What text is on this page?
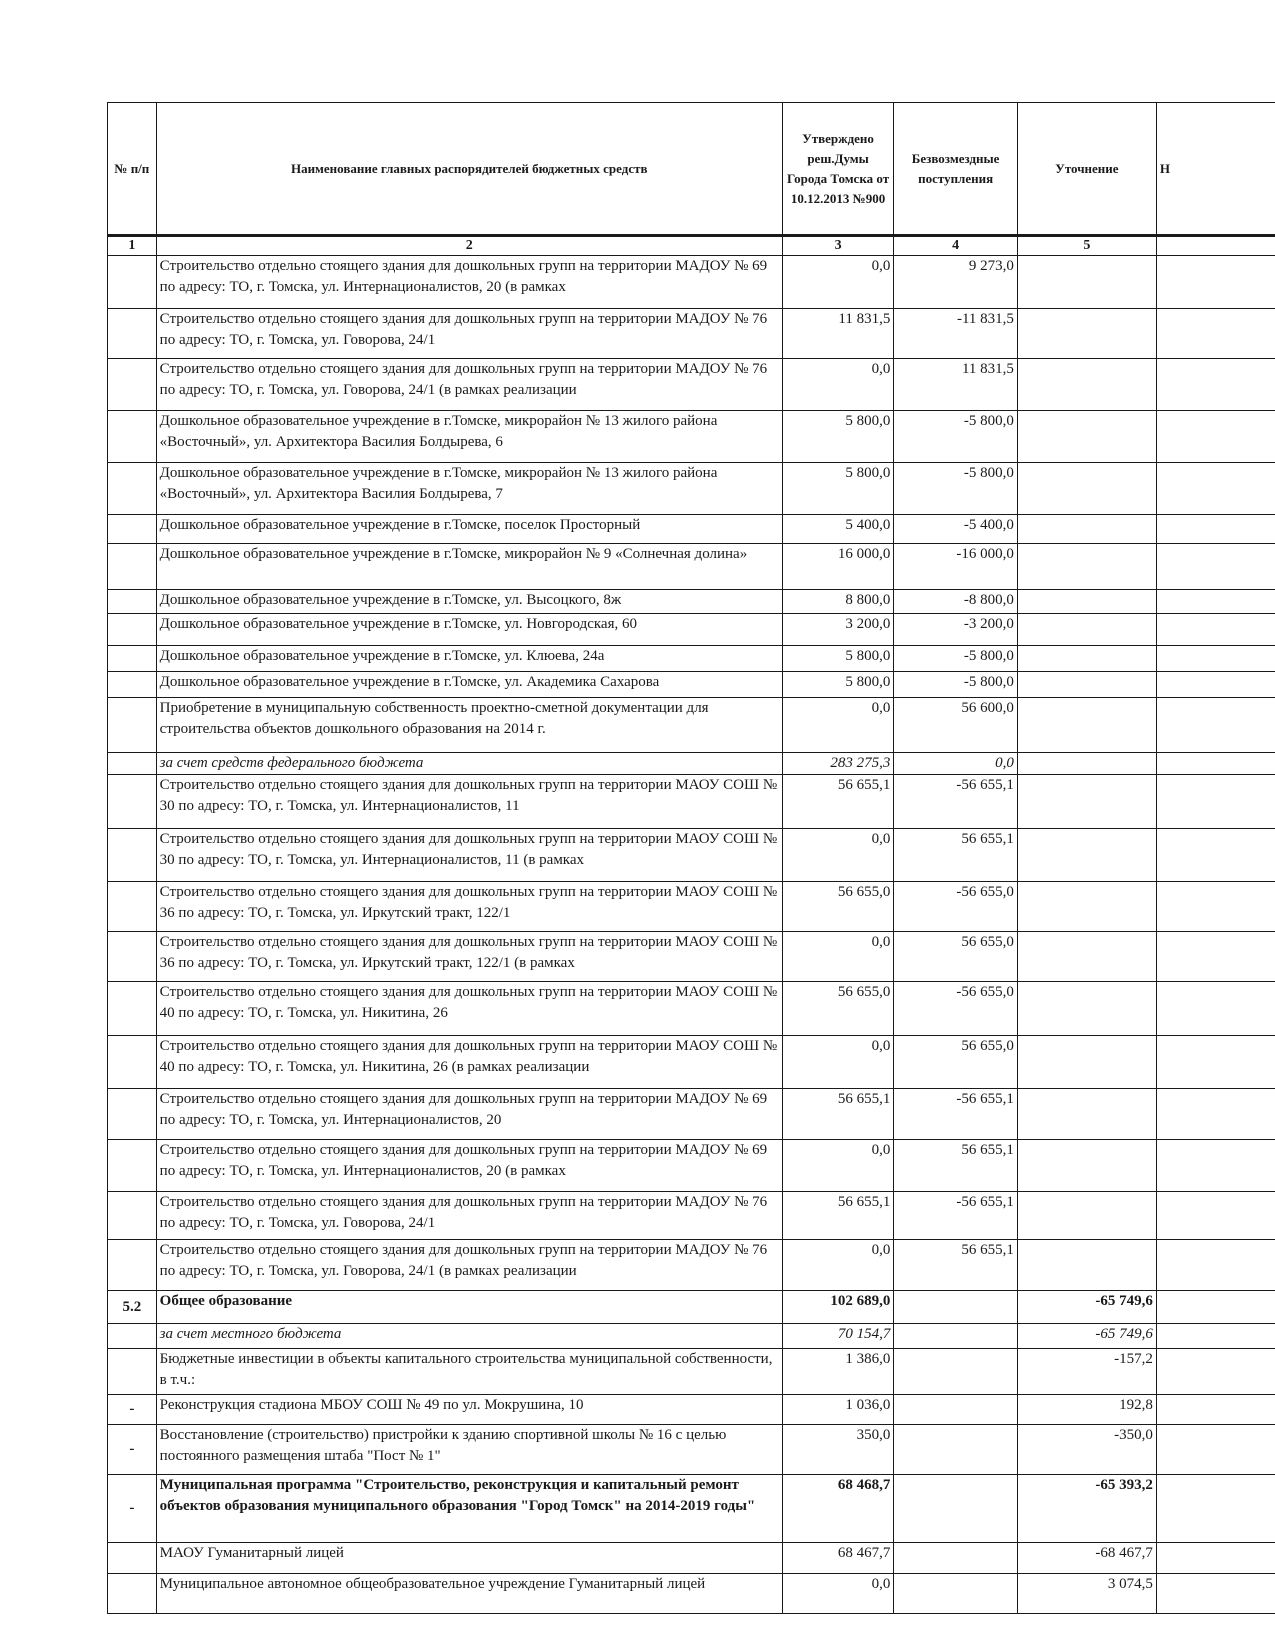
№ п/п	Наименование главных распорядителей бюджетных средств	Утверждено реш.Думы Города Томска от 10.12.2013 №900	Безвозмездные поступления	Уточнение	Н
1	2	3	4	5	
	Строительство отдельно стоящего здания для дошкольных групп на территории МАДОУ № 69 по адресу: ТО, г. Томска, ул. Интернационалистов, 20 (в рамках	0,0	9 273,0		
	Строительство отдельно стоящего здания для дошкольных групп на территории МАДОУ № 76 по адресу: ТО, г. Томска, ул. Говорова, 24/1	11 831,5	-11 831,5		
	Строительство отдельно стоящего здания для дошкольных групп на территории МАДОУ № 76 по адресу: ТО, г. Томска, ул. Говорова, 24/1 (в рамках реализации	0,0	11 831,5		
	Дошкольное образовательное учреждение в г.Томске, микрорайон № 13 жилого района «Восточный», ул. Архитектора Василия Болдырева, 6	5 800,0	-5 800,0		
	Дошкольное образовательное учреждение в г.Томске, микрорайон № 13 жилого района «Восточный», ул. Архитектора Василия Болдырева, 7	5 800,0	-5 800,0		
	Дошкольное образовательное учреждение в г.Томске, поселок Просторный	5 400,0	-5 400,0		
	Дошкольное образовательное учреждение в г.Томске, микрорайон № 9 «Солнечная долина»	16 000,0	-16 000,0		
	Дошкольное образовательное учреждение в г.Томске, ул. Высоцкого, 8ж	8 800,0	-8 800,0		
	Дошкольное образовательное учреждение в г.Томске, ул. Новгородская, 60	3 200,0	-3 200,0		
	Дошкольное образовательное учреждение в г.Томске, ул. Клюева, 24а	5 800,0	-5 800,0		
	Дошкольное образовательное учреждение в г.Томске, ул. Академика Сахарова	5 800,0	-5 800,0		
	Приобретение в муниципальную собственность проектно-сметной документации для строительства объектов дошкольного образования на 2014 г.	0,0	56 600,0		
	за счет средств федерального бюджета	283 275,3	0,0		
	Строительство отдельно стоящего здания для дошкольных групп на территории МАОУ СОШ № 30 по адресу: ТО, г. Томска, ул. Интернационалистов, 11	56 655,1	-56 655,1		
	Строительство отдельно стоящего здания для дошкольных групп на территории МАОУ СОШ № 30 по адресу: ТО, г. Томска, ул. Интернационалистов, 11 (в рамках	0,0	56 655,1		
	Строительство отдельно стоящего здания для дошкольных групп на территории МАОУ СОШ № 36 по адресу: ТО, г. Томска, ул. Иркутский тракт, 122/1	56 655,0	-56 655,0		
	Строительство отдельно стоящего здания для дошкольных групп на территории МАОУ СОШ № 36 по адресу: ТО, г. Томска, ул. Иркутский тракт, 122/1 (в рамках	0,0	56 655,0		
	Строительство отдельно стоящего здания для дошкольных групп на территории МАОУ СОШ № 40 по адресу: ТО, г. Томска, ул. Никитина, 26	56 655,0	-56 655,0		
	Строительство отдельно стоящего здания для дошкольных групп на территории МАОУ СОШ № 40 по адресу: ТО, г. Томска, ул. Никитина, 26 (в рамках реализации	0,0	56 655,0		
	Строительство отдельно стоящего здания для дошкольных групп на территории МАДОУ № 69 по адресу: ТО, г. Томска, ул. Интернационалистов, 20	56 655,1	-56 655,1		
	Строительство отдельно стоящего здания для дошкольных групп на территории МАДОУ № 69 по адресу: ТО, г. Томска, ул. Интернационалистов, 20 (в рамках	0,0	56 655,1		
	Строительство отдельно стоящего здания для дошкольных групп на территории МАДОУ № 76 по адресу: ТО, г. Томска, ул. Говорова, 24/1	56 655,1	-56 655,1		
	Строительство отдельно стоящего здания для дошкольных групп на территории МАДОУ № 76 по адресу: ТО, г. Томска, ул. Говорова, 24/1 (в рамках реализации	0,0	56 655,1		
5.2	Общее образование	102 689,0		-65 749,6	
	за счет местного бюджета	70 154,7		-65 749,6	
	Бюджетные инвестиции в объекты капитального строительства муниципальной собственности, в т.ч.:	1 386,0		-157,2	
-	Реконструкция стадиона МБОУ СОШ № 49 по ул. Мокрушина, 10	1 036,0		192,8	
-	Восстановление (строительство) пристройки к зданию спортивной школы № 16 с целью постоянного размещения штаба "Пост № 1"	350,0		-350,0	
-	Муниципальная программа "Строительство, реконструкция и капитальный ремонт объектов образования муниципального образования "Город Томск" на 2014-2019 годы"	68 468,7		-65 393,2	
	МАОУ Гуманитарный лицей	68 467,7		-68 467,7	
	Муниципальное автономное общеобразовательное учреждение Гуманитарный лицей	0,0		3 074,5	
